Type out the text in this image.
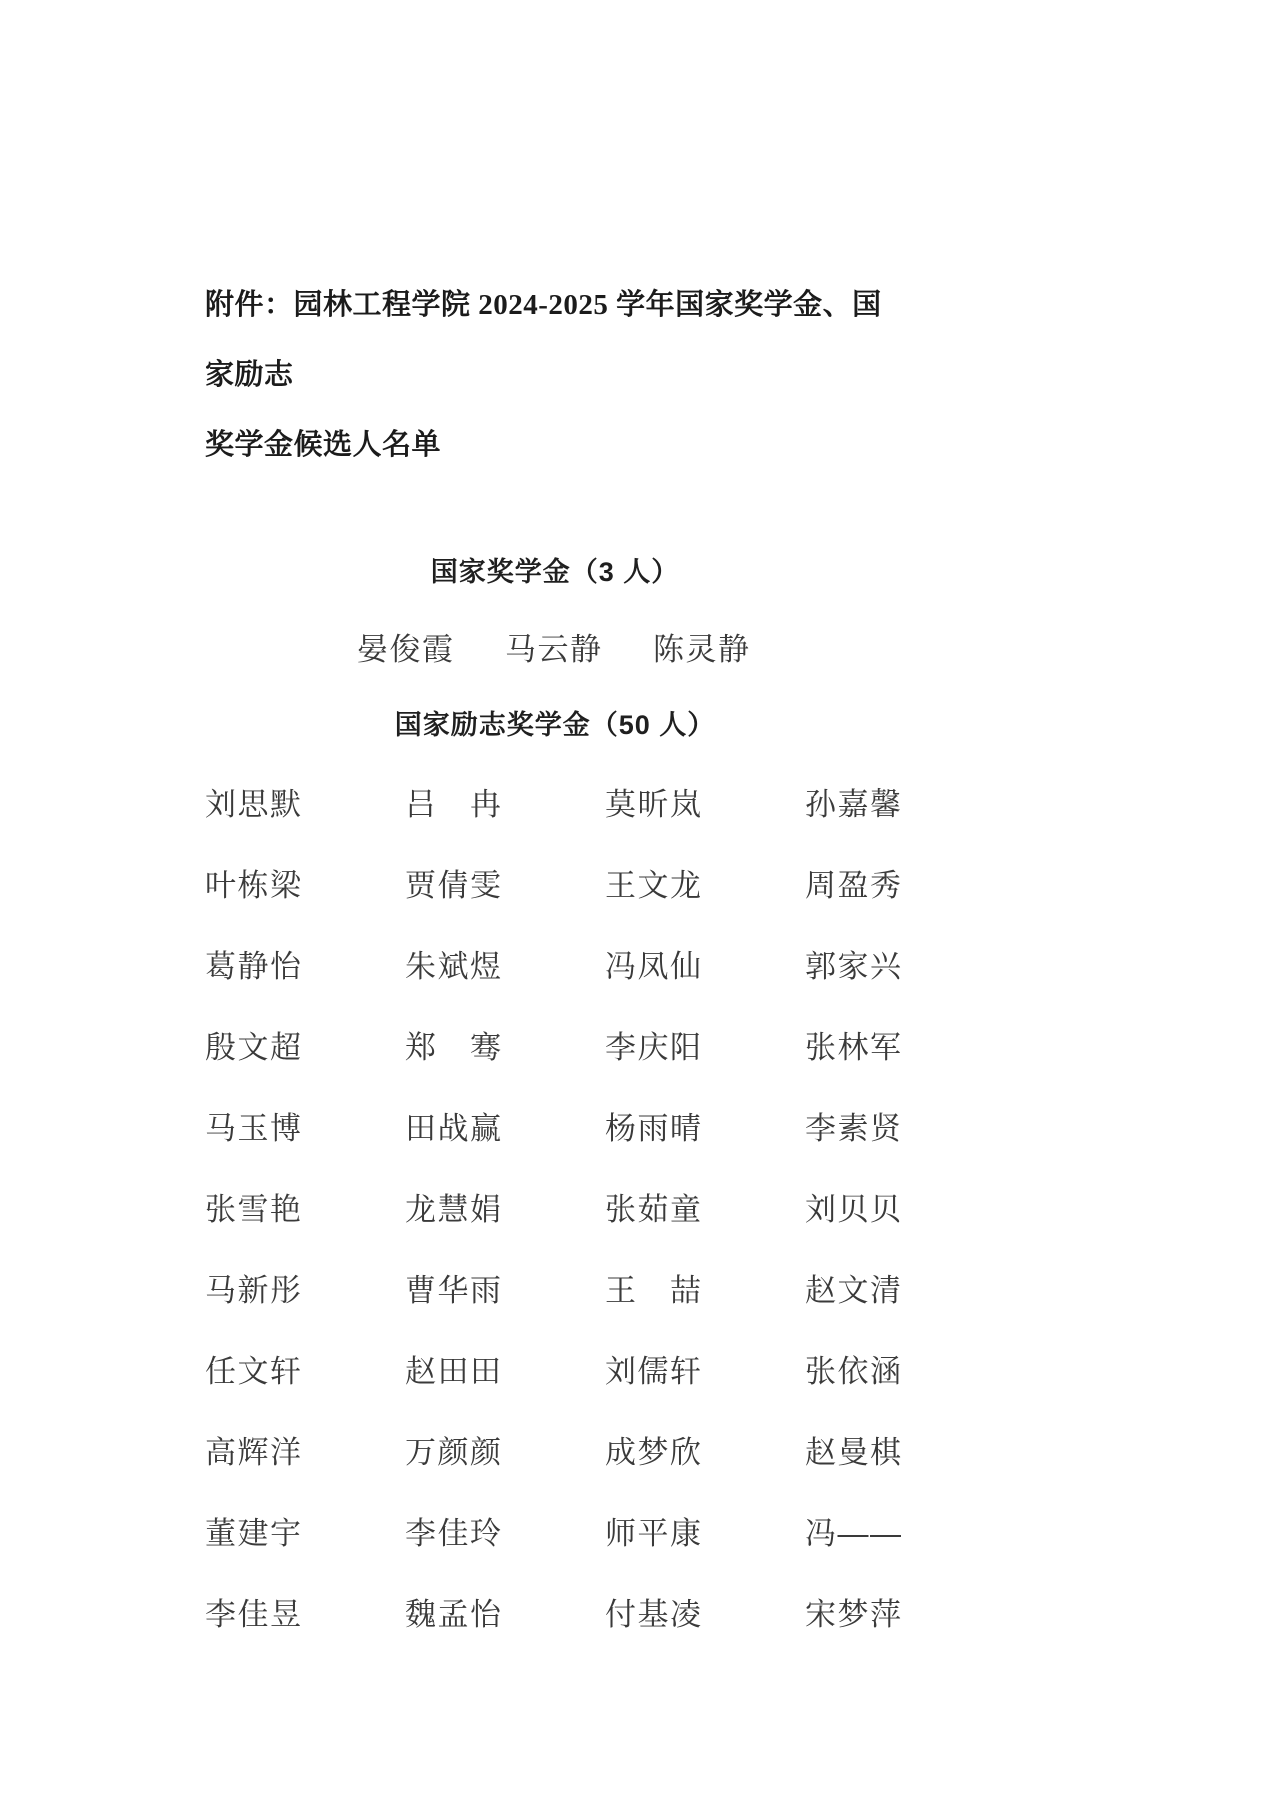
附件：园林工程学院 2024-2025 学年国家奖学金、国家励志
奖学金候选人名单
国家奖学金（3 人）
晏俊霞 马云静 陈灵静
国家励志奖学金（50 人）
刘思默	吕　冉	莫昕岚	孙嘉馨
叶栋梁	贾倩雯	王文龙	周盈秀
葛静怡	朱斌煜	冯凤仙	郭家兴
殷文超	郑　骞	李庆阳	张林军
马玉博	田战赢	杨雨晴	李素贤
张雪艳	龙慧娟	张茹童	刘贝贝
马新彤	曹华雨	王　喆	赵文清
任文轩	赵田田	刘儒轩	张依涵
高辉洋	万颜颜	成梦欣	赵曼棋
董建宇	李佳玲	师平康	冯——
李佳昱	魏孟怡	付基凌	宋梦萍
